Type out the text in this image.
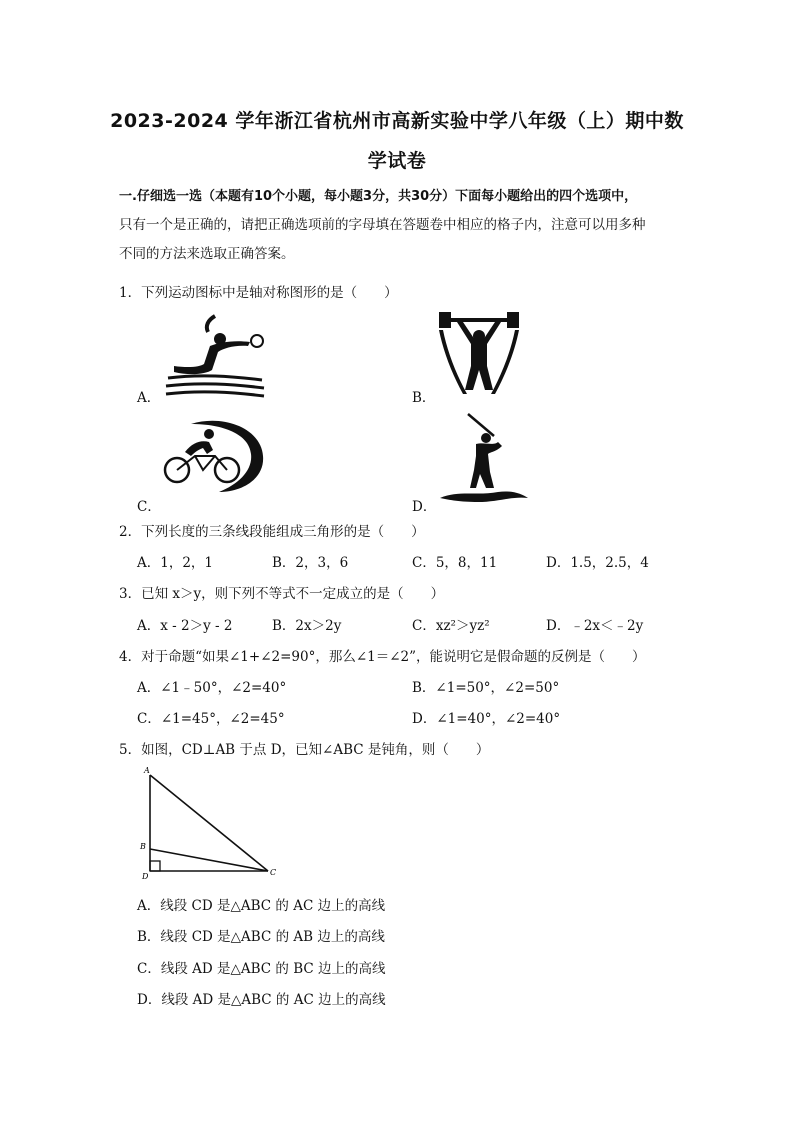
2023-2024 学年浙江省杭州市高新实验中学八年级（上）期中数
学试卷
一.仔细选一选（本题有10个小题，每小题3分，共30分）下面每小题给出的四个选项中，
只有一个是正确的，请把正确选项前的字母填在答题卷中相应的格子内，注意可以用多种
不同的方法来选取正确答案。
1．下列运动图标中是轴对称图形的是（　　）
A．	B．
C．	D．
2．下列长度的三条线段能组成三角形的是（　　）
A．1，2，1	B．2，3，6	C．5，8，11	D．1.5，2.5，4
3．已知 x＞y，则下列不等式不一定成立的是（　　）
A．x - 2＞y - 2	B．2x＞2y	C．xz²＞yz²	D．﹣2x＜﹣2y
4．对于命题“如果∠1+∠2=90°，那么∠1＝∠2”，能说明它是假命题的反例是（　　）
A．∠1﹣50°，∠2=40°	B．∠1=50°，∠2=50°
C．∠1=45°，∠2=45°	D．∠1=40°，∠2=40°
5．如图，CD⊥AB 于点 D，已知∠ABC 是钝角，则（　　）
A
B
D	C
A．线段 CD 是△ABC 的 AC 边上的高线
B．线段 CD 是△ABC 的 AB 边上的高线
C．线段 AD 是△ABC 的 BC 边上的高线
D．线段 AD 是△ABC 的 AC 边上的高线
